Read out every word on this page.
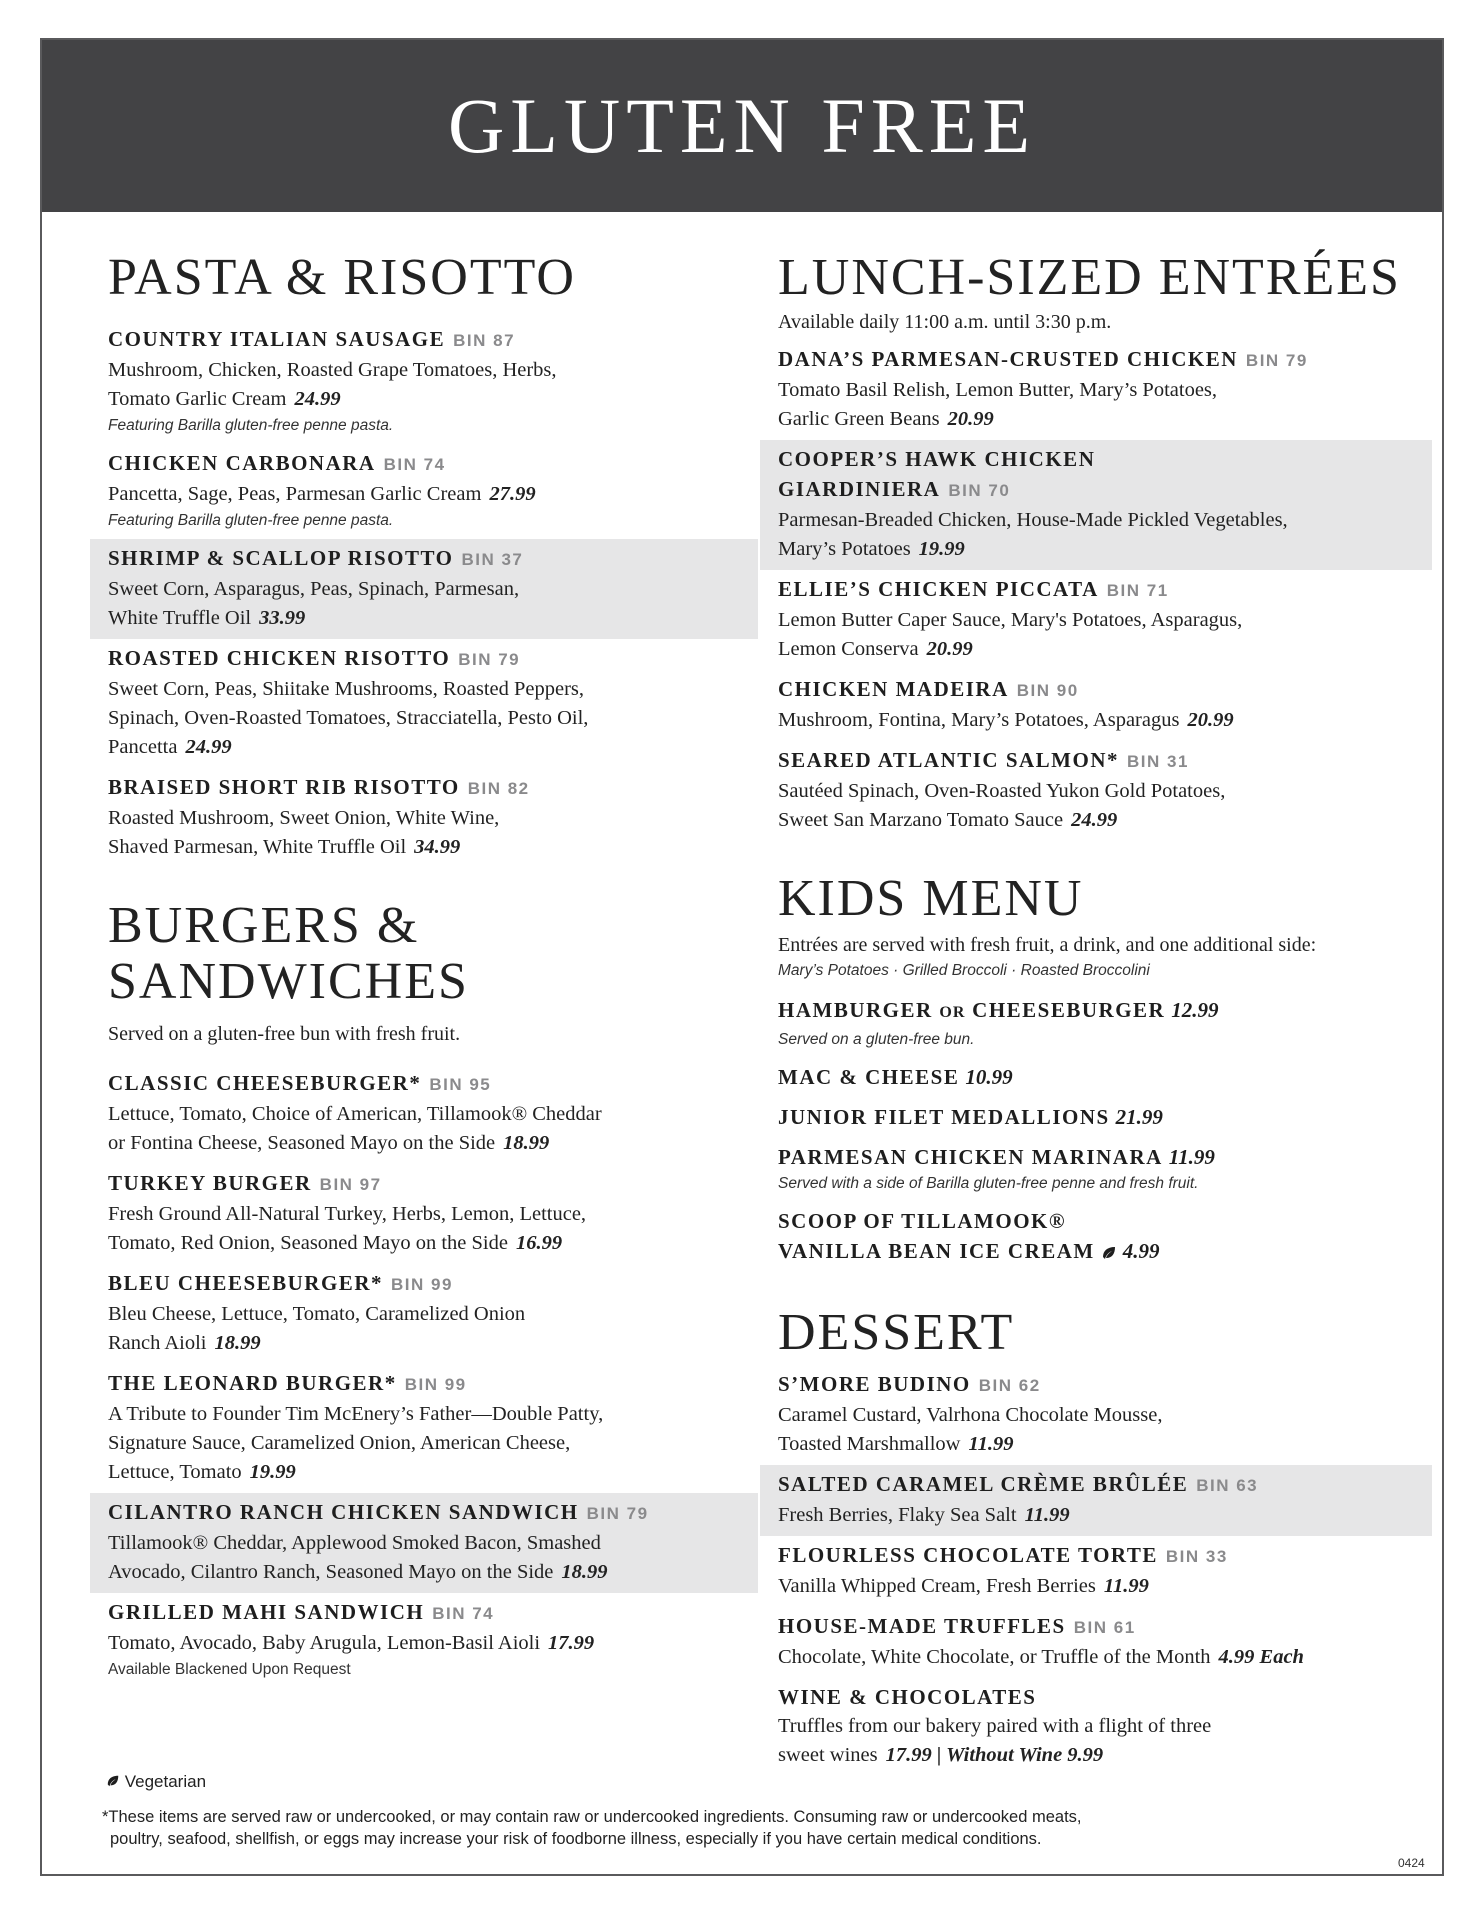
GLUTEN FREE
PASTA & RISOTTO
COUNTRY ITALIAN SAUSAGE BIN 87
Mushroom, Chicken, Roasted Grape Tomatoes, Herbs,
Tomato Garlic Cream 24.99
Featuring Barilla gluten-free penne pasta.
CHICKEN CARBONARA BIN 74
Pancetta, Sage, Peas, Parmesan Garlic Cream 27.99
Featuring Barilla gluten-free penne pasta.
SHRIMP & SCALLOP RISOTTO BIN 37
Sweet Corn, Asparagus, Peas, Spinach, Parmesan,
White Truffle Oil 33.99
ROASTED CHICKEN RISOTTO BIN 79
Sweet Corn, Peas, Shiitake Mushrooms, Roasted Peppers,
Spinach, Oven-Roasted Tomatoes, Stracciatella, Pesto Oil,
Pancetta 24.99
BRAISED SHORT RIB RISOTTO BIN 82
Roasted Mushroom, Sweet Onion, White Wine,
Shaved Parmesan, White Truffle Oil 34.99
BURGERS &
SANDWICHES
Served on a gluten-free bun with fresh fruit.
CLASSIC CHEESEBURGER* BIN 95
Lettuce, Tomato, Choice of American, Tillamook® Cheddar
or Fontina Cheese, Seasoned Mayo on the Side 18.99
TURKEY BURGER BIN 97
Fresh Ground All-Natural Turkey, Herbs, Lemon, Lettuce,
Tomato, Red Onion, Seasoned Mayo on the Side 16.99
BLEU CHEESEBURGER* BIN 99
Bleu Cheese, Lettuce, Tomato, Caramelized Onion
Ranch Aioli 18.99
THE LEONARD BURGER* BIN 99
A Tribute to Founder Tim McEnery’s Father—Double Patty,
Signature Sauce, Caramelized Onion, American Cheese,
Lettuce, Tomato 19.99
CILANTRO RANCH CHICKEN SANDWICH BIN 79
Tillamook® Cheddar, Applewood Smoked Bacon, Smashed
Avocado, Cilantro Ranch, Seasoned Mayo on the Side 18.99
GRILLED MAHI SANDWICH BIN 74
Tomato, Avocado, Baby Arugula, Lemon-Basil Aioli 17.99
Available Blackened Upon Request
LUNCH-SIZED ENTRÉES
Available daily 11:00 a.m. until 3:30 p.m.
DANA’S PARMESAN-CRUSTED CHICKEN BIN 79
Tomato Basil Relish, Lemon Butter, Mary’s Potatoes,
Garlic Green Beans 20.99
COOPER’S HAWK CHICKEN
GIARDINIERA BIN 70
Parmesan-Breaded Chicken, House-Made Pickled Vegetables,
Mary’s Potatoes 19.99
ELLIE’S CHICKEN PICCATA BIN 71
Lemon Butter Caper Sauce, Mary's Potatoes, Asparagus,
Lemon Conserva 20.99
CHICKEN MADEIRA BIN 90
Mushroom, Fontina, Mary’s Potatoes, Asparagus 20.99
SEARED ATLANTIC SALMON* BIN 31
Sautéed Spinach, Oven-Roasted Yukon Gold Potatoes,
Sweet San Marzano Tomato Sauce 24.99
KIDS MENU
Entrées are served with fresh fruit, a drink, and one additional side:
Mary’s Potatoes · Grilled Broccoli · Roasted Broccolini
HAMBURGER OR CHEESEBURGER 12.99
Served on a gluten-free bun.
MAC & CHEESE 10.99
JUNIOR FILET MEDALLIONS 21.99
PARMESAN CHICKEN MARINARA 11.99
Served with a side of Barilla gluten-free penne and fresh fruit.
SCOOP OF TILLAMOOK®
VANILLA BEAN ICE CREAM 4.99
DESSERT
S’MORE BUDINO BIN 62
Caramel Custard, Valrhona Chocolate Mousse,
Toasted Marshmallow 11.99
SALTED CARAMEL CRÈME BRÛLÉE BIN 63
Fresh Berries, Flaky Sea Salt 11.99
FLOURLESS CHOCOLATE TORTE BIN 33
Vanilla Whipped Cream, Fresh Berries 11.99
HOUSE-MADE TRUFFLES BIN 61
Chocolate, White Chocolate, or Truffle of the Month 4.99 Each
WINE & CHOCOLATES
Truffles from our bakery paired with a flight of three
sweet wines 17.99 | Without Wine 9.99
Vegetarian
*These items are served raw or undercooked, or may contain raw or undercooked ingredients. Consuming raw or undercooked meats,
poultry, seafood, shellfish, or eggs may increase your risk of foodborne illness, especially if you have certain medical conditions.
0424
